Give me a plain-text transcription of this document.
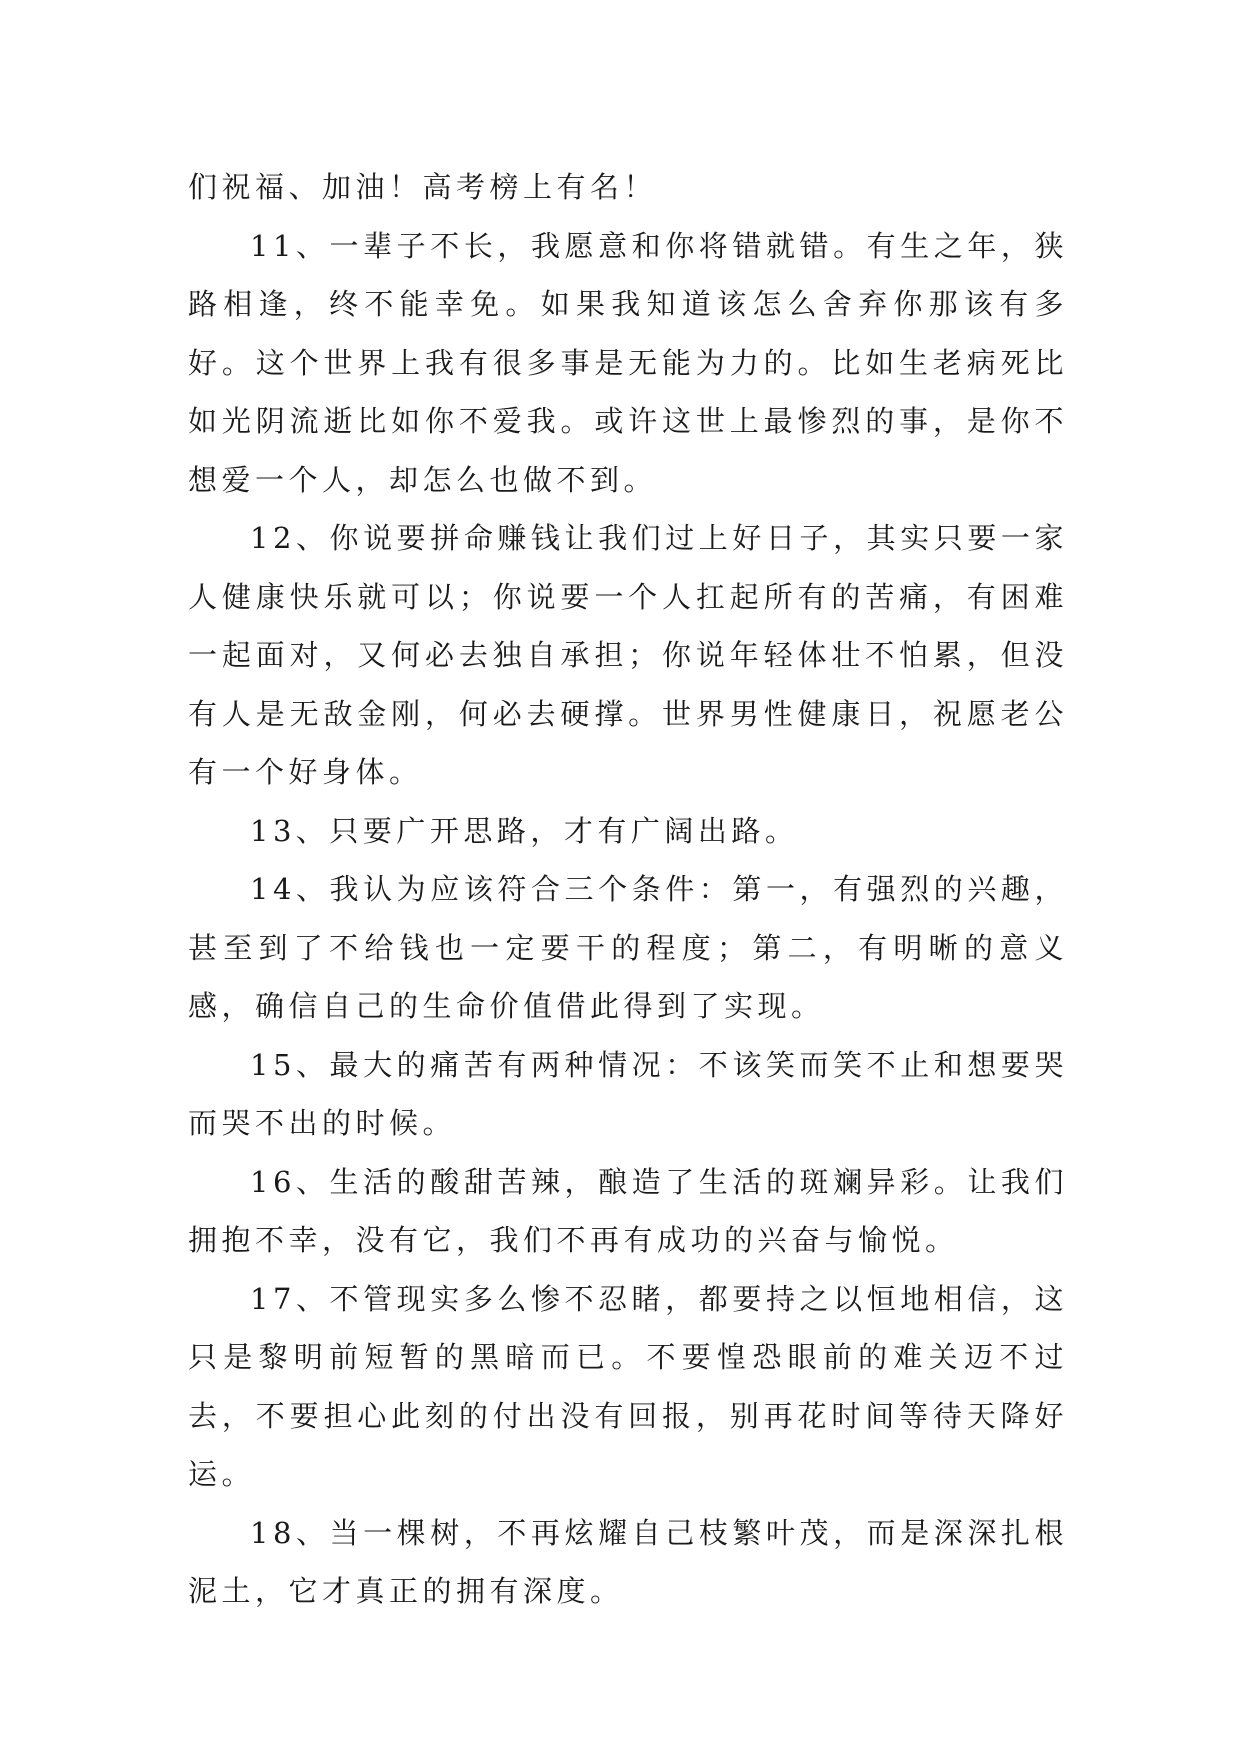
们祝福、加油！高考榜上有名！

11、一辈子不长，我愿意和你将错就错。有生之年，狭路相逢，终不能幸免。如果我知道该怎么舍弃你那该有多好。这个世界上我有很多事是无能为力的。比如生老病死比如光阴流逝比如你不爱我。或许这世上最惨烈的事，是你不想爱一个人，却怎么也做不到。

12、你说要拼命赚钱让我们过上好日子，其实只要一家人健康快乐就可以；你说要一个人扛起所有的苦痛，有困难一起面对，又何必去独自承担；你说年轻体壮不怕累，但没有人是无敌金刚，何必去硬撑。世界男性健康日，祝愿老公有一个好身体。

13、只要广开思路，才有广阔出路。

14、我认为应该符合三个条件：第一，有强烈的兴趣，甚至到了不给钱也一定要干的程度；第二，有明晰的意义感，确信自己的生命价值借此得到了实现。

15、最大的痛苦有两种情况：不该笑而笑不止和想要哭而哭不出的时候。

16、生活的酸甜苦辣，酿造了生活的斑斓异彩。让我们拥抱不幸，没有它，我们不再有成功的兴奋与愉悦。

17、不管现实多么惨不忍睹，都要持之以恒地相信，这只是黎明前短暂的黑暗而已。不要惶恐眼前的难关迈不过去，不要担心此刻的付出没有回报，别再花时间等待天降好运。

18、当一棵树，不再炫耀自己枝繁叶茂，而是深深扎根泥土，它才真正的拥有深度。
